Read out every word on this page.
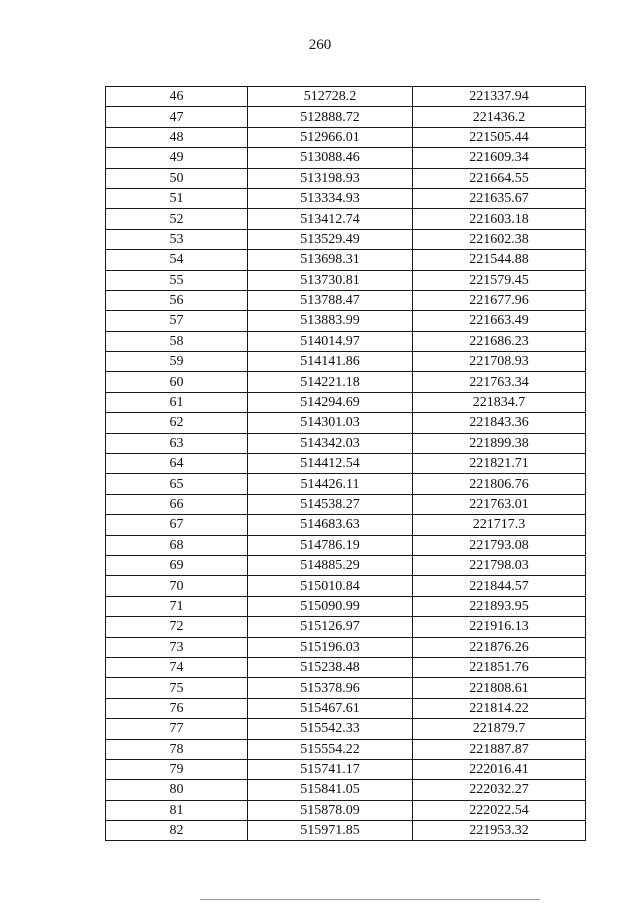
260
46	512728.2	221337.94
47	512888.72	221436.2
48	512966.01	221505.44
49	513088.46	221609.34
50	513198.93	221664.55
51	513334.93	221635.67
52	513412.74	221603.18
53	513529.49	221602.38
54	513698.31	221544.88
55	513730.81	221579.45
56	513788.47	221677.96
57	513883.99	221663.49
58	514014.97	221686.23
59	514141.86	221708.93
60	514221.18	221763.34
61	514294.69	221834.7
62	514301.03	221843.36
63	514342.03	221899.38
64	514412.54	221821.71
65	514426.11	221806.76
66	514538.27	221763.01
67	514683.63	221717.3
68	514786.19	221793.08
69	514885.29	221798.03
70	515010.84	221844.57
71	515090.99	221893.95
72	515126.97	221916.13
73	515196.03	221876.26
74	515238.48	221851.76
75	515378.96	221808.61
76	515467.61	221814.22
77	515542.33	221879.7
78	515554.22	221887.87
79	515741.17	222016.41
80	515841.05	222032.27
81	515878.09	222022.54
82	515971.85	221953.32
